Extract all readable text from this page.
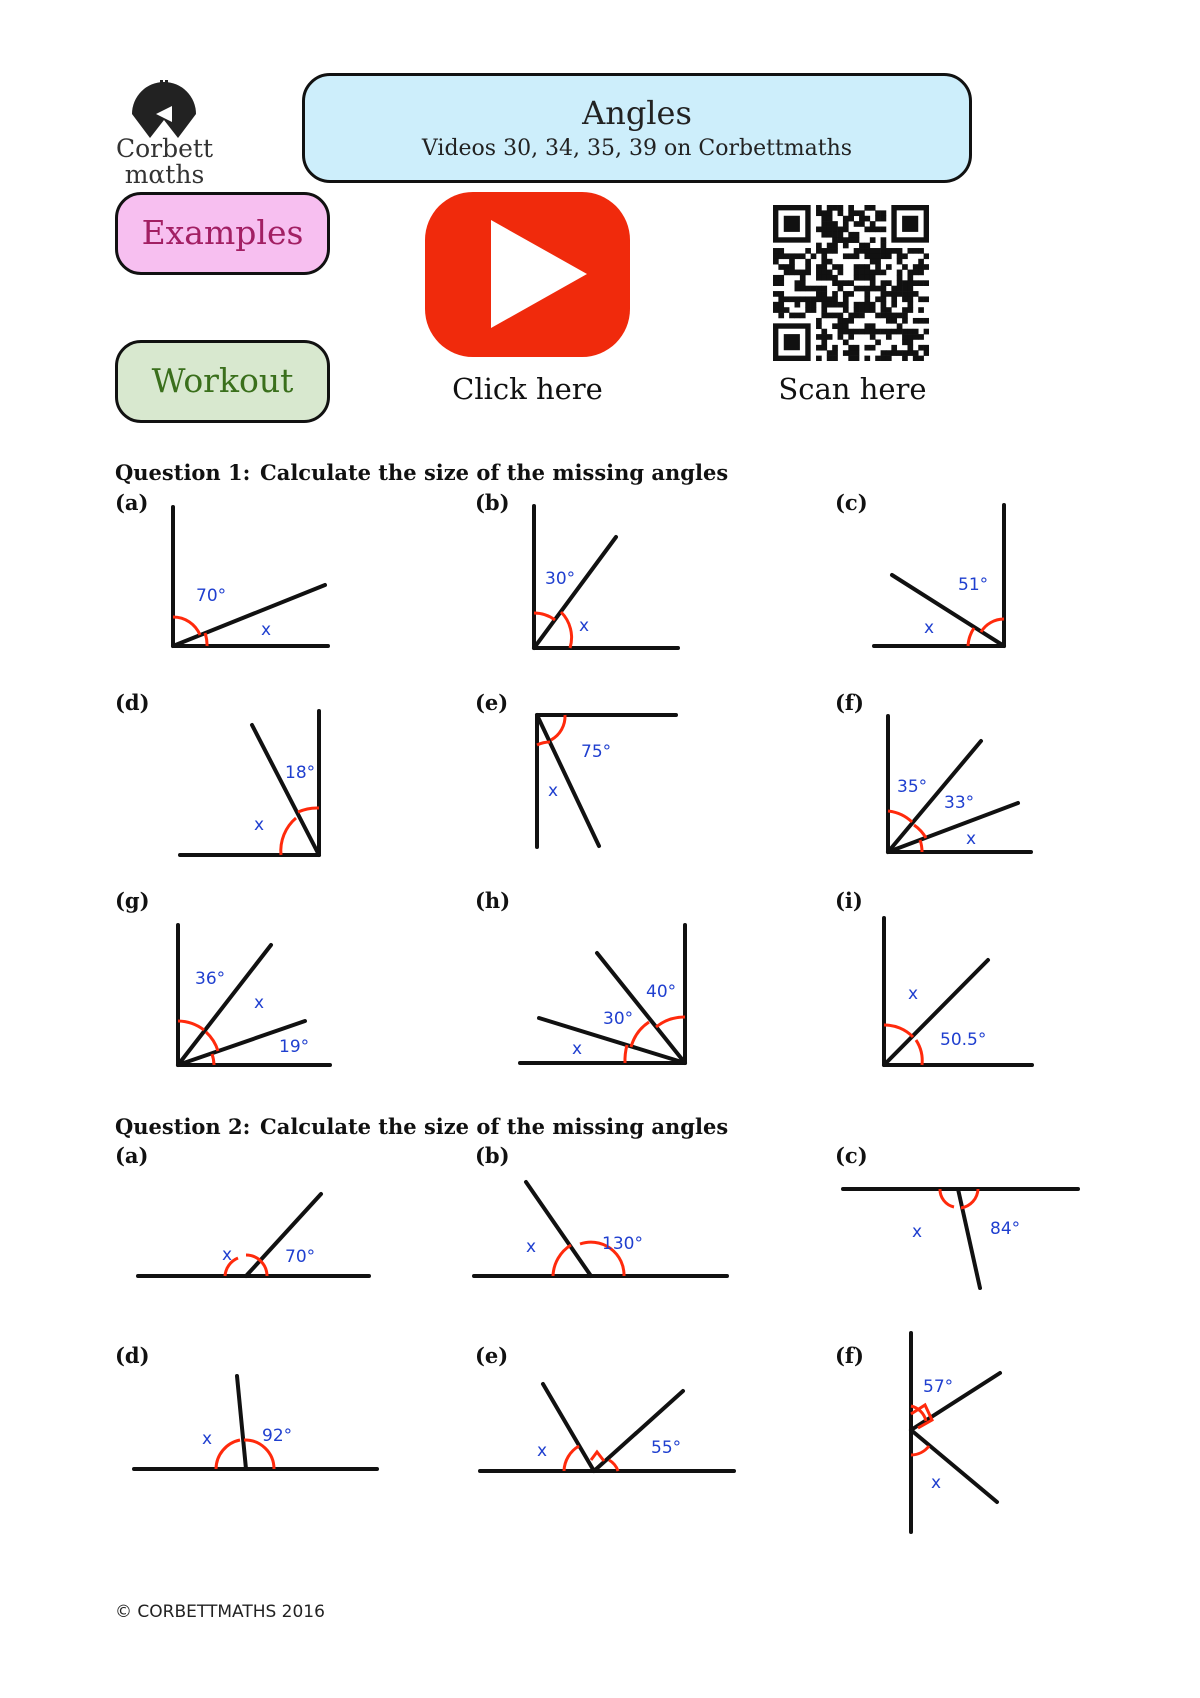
Corbett
mαths
Angles
Videos 30, 34, 35, 39 on Corbettmaths
Examples
Workout	Click here	Scan here
Question 1: Calculate the size of the missing angles
(a)	(b)	(c)
(d)	(e)	(f)
(g)	(h)	(i)
Question 2: Calculate the size of the missing angles
(a)	(b)	(c)
(d)	(e)	(f)
70°
x
30°
x
51°
x
18°
x
75°
x	35°
33°
x
36°
x
19°
40°
30°
x
x
50.5°
x	70°	x	130°
x	84°
x	92°
x	55°
57°
x
© CORBETTMATHS 2016
